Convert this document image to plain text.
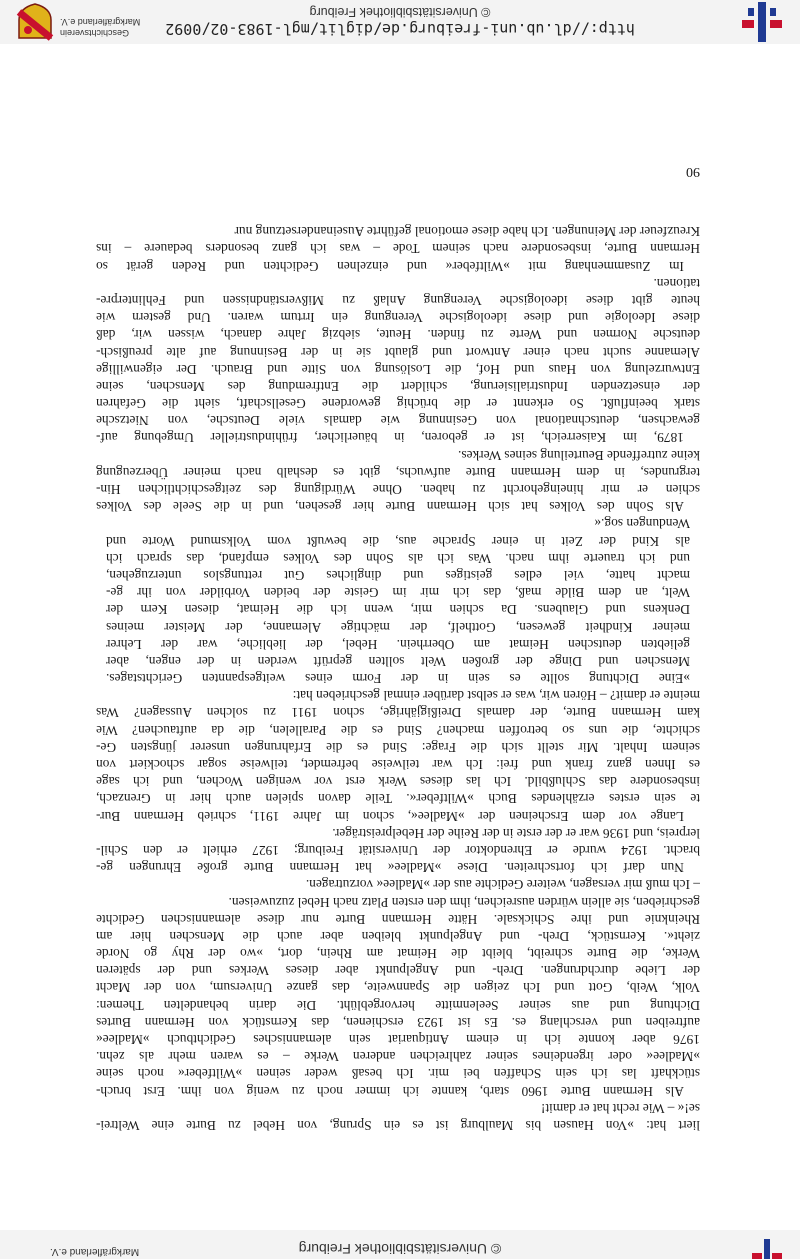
© Universitätsbibliothek Freiburg
Markgräflerland e.V.
liert hat: »Von Hausen bis Maulburg ist es ein Sprung, von Hebel zu Burte eine Weltrei-
se!« – Wie recht hat er damit!
Als Hermann Burte 1960 starb, kannte ich immer noch zu wenig von ihm. Erst bruch-
stückhaft las ich sein Schaffen bei mir. Ich besaß weder seinen »Wiltfeber« noch seine
»Madlee« oder irgendeines seiner zahlreichen anderen Werke – es waren mehr als zehn.
1976 aber konnte ich in einem Antiquariat sein alemannisches Gedichtbuch »Madlee«
auftreiben und verschlang es. Es ist 1923 erschienen, das Kernstück von Hermann Burtes
Dichtung und aus seiner Seelenmitte hervorgeblüht. Die darin behandelten Themen:
Volk, Weib, Gott und Ich zeigen die Spannweite, das ganze Universum, von der Macht
der Liebe durchdrungen. Dreh- und Angelpunkt aber dieses Werkes und der späteren
Werke, die Burte schreibt, bleibt die Heimat am Rhein, dort, »wo der Rhy go Norde
zieht«. Kernstück, Dreh- und Angelpunkt bleiben aber auch die Menschen hier am
Rheinknie und ihre Schicksale. Hätte Hermann Burte nur diese alemannischen Gedichte
geschrieben, sie allein würden ausreichen, ihm den ersten Platz nach Hebel zuzuweisen.
– Ich muß mir versagen, weitere Gedichte aus der »Madlee« vorzutragen.
Nun darf ich fortschreiten. Diese »Madlee« hat Hermann Burte große Ehrungen ge-
bracht. 1924 wurde er Ehrendoktor der Universität Freiburg; 1927 erhielt er den Schil-
lerpreis, und 1936 war er der erste in der Reihe der Hebelpreisträger.
Lange vor dem Erscheinen der »Madlee«, schon im Jahre 1911, schrieb Hermann Bur-
te sein erstes erzählendes Buch »Wiltfeber«. Teile davon spielen auch hier in Grenzach,
insbesondere das Schlußbild. Ich las dieses Werk erst vor wenigen Wochen, und ich sage
es Ihnen ganz frank und frei: Ich war teilweise befremdet, teilweise sogar schockiert von
seinem Inhalt. Mir stellt sich die Frage: Sind es die Erfahrungen unserer jüngsten Ge-
schichte, die uns so betroffen machen? Sind es die Parallelen, die da auftauchen? Wie
kam Hermann Burte, der damals Dreißigjährige, schon 1911 zu solchen Aussagen? Was
meinte er damit? – Hören wir, was er selbst darüber einmal geschrieben hat:
»Eine Dichtung sollte es sein in der Form eines weitgespannten Gerichtstages.
Menschen und Dinge der großen Welt sollten geprüft werden in der engen, aber
geliebten deutschen Heimat am Oberrhein. Hebel, der liebliche, war der Lehrer
meiner Kindheit gewesen, Gotthelf, der mächtige Alemanne, der Meister meines
Denkens und Glaubens. Da schien mir, wenn ich die Heimat, diesen Kern der
Welt, an dem Bilde maß, das ich mir im Geiste der beiden Vorbilder von ihr ge-
macht hatte, viel edles geistiges und dingliches Gut rettungslos unterzugehen,
und ich trauerte ihm nach. Was ich als Sohn des Volkes empfand, das sprach ich
als Kind der Zeit in einer Sprache aus, die bewußt vom Volksmund Worte und
Wendungen sog.«
Als Sohn des Volkes hat sich Hermann Burte hier gesehen, und in die Seele des Volkes
schien er mir hineingehorcht zu haben. Ohne Würdigung des zeitgeschichtlichen Hin-
tergrundes, in dem Hermann Burte aufwuchs, gibt es deshalb nach meiner Überzeugung
keine zutreffende Beurteilung seines Werkes.
1879, im Kaiserreich, ist er geboren, in bäuerlicher, frühindustrieller Umgebung auf-
gewachsen, deutschnational von Gesinnung wie damals viele Deutsche, von Nietzsche
stark beeinflußt. So erkennt er die brüchig gewordene Gesellschaft, sieht die Gefahren
der einsetzenden Industrialisierung, schildert die Entfremdung des Menschen, seine
Entwurzelung von Haus und Hof, die Loslösung von Sitte und Brauch. Der eigenwillige
Alemanne sucht nach einer Antwort und glaubt sie in der Besinnung auf alte preußisch-
deutsche Normen und Werte zu finden. Heute, siebzig Jahre danach, wissen wir, daß
diese Ideologie und diese ideologische Verengung ein Irrtum waren. Und gestern wie
heute gibt diese ideologische Verengung Anlaß zu Mißverständnissen und Fehlinterpre-
tationen.
Im Zusammenhang mit »Wiltfeber« und einzelnen Gedichten und Reden gerät so
Hermann Burte, insbesondere nach seinem Tode – was ich ganz besonders bedauere – ins
Kreuzfeuer der Meinungen. Ich habe diese emotional geführte Auseinandersetzung nur
90
http://dl.ub.uni-freiburg.de/diglit/mgl-1983-02/0092
© Universitätsbibliothek Freiburg
Geschichtsverein
Markgräflerland e.V.
